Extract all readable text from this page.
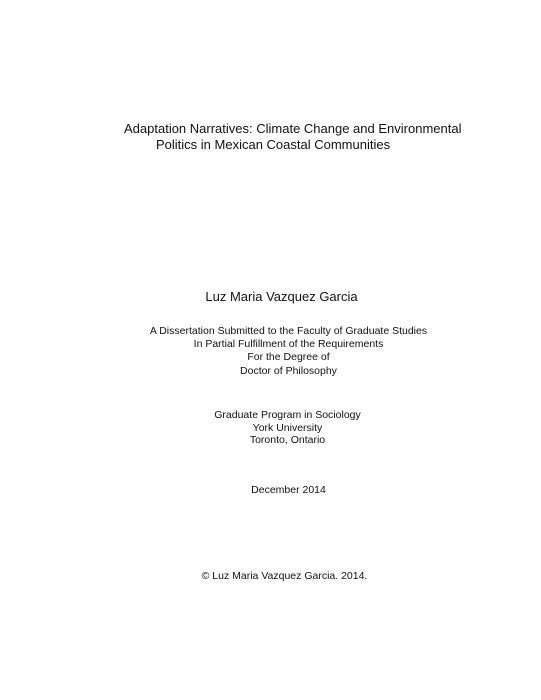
Adaptation Narratives: Climate Change and Environmental
Politics in Mexican Coastal Communities
Luz Maria Vazquez Garcia
A Dissertation Submitted to the Faculty of Graduate Studies
In Partial Fulfillment of the Requirements
For the Degree of
Doctor of Philosophy
Graduate Program in Sociology
York University
Toronto, Ontario
December 2014
© Luz Maria Vazquez Garcia. 2014.
